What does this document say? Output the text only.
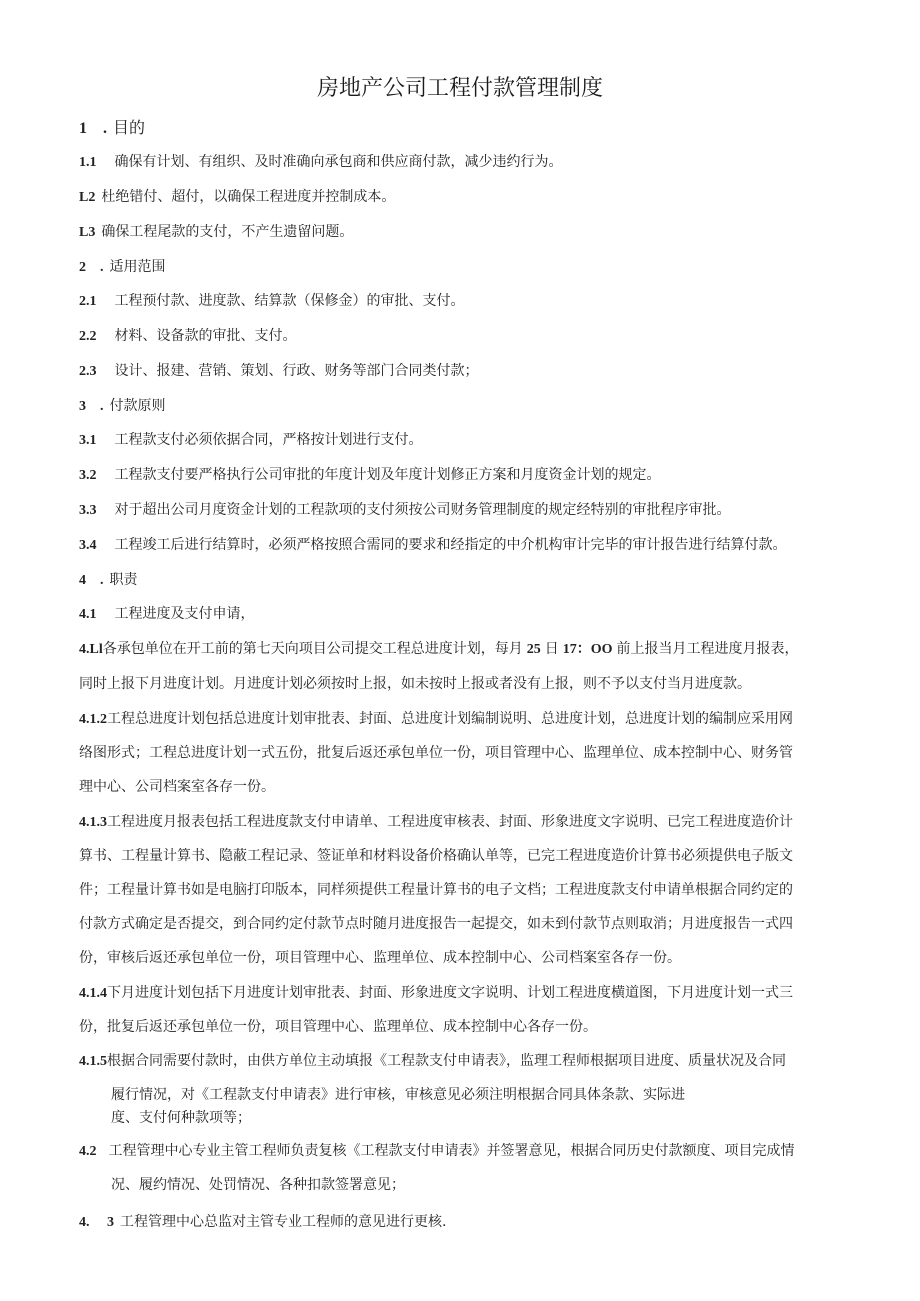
房地产公司工程付款管理制度
1 . 目的
1.1 确保有计划、有组织、及时准确向承包商和供应商付款，减少违约行为。
L2 杜绝错付、超付，以确保工程进度并控制成本。
L3 确保工程尾款的支付，不产生遗留问题。
2 . 适用范围
2.1 工程预付款、进度款、结算款（保修金）的审批、支付。
2.2 材料、设备款的审批、支付。
2.3 设计、报建、营销、策划、行政、财务等部门合同类付款；
3 . 付款原则
3.1 工程款支付必须依据合同，严格按计划进行支付。
3.2 工程款支付要严格执行公司审批的年度计划及年度计划修正方案和月度资金计划的规定。
3.3 对于超出公司月度资金计划的工程款项的支付须按公司财务管理制度的规定经特别的审批程序审批。
3.4 工程竣工后进行结算时，必须严格按照合需同的要求和经指定的中介机构审计完毕的审计报告进行结算付款。
4 . 职责
4.1 工程进度及支付申请，
4.Ll各承包单位在开工前的第七天向项目公司提交工程总进度计划，每月 25 日 17：OO 前上报当月工程进度月报表，
同时上报下月进度计划。月进度计划必须按时上报，如未按时上报或者没有上报，则不予以支付当月进度款。
4.1.2工程总进度计划包括总进度计划审批表、封面、总进度计划编制说明、总进度计划，总进度计划的编制应采用网
络图形式；工程总进度计划一式五份，批复后返还承包单位一份，项目管理中心、监理单位、成本控制中心、财务管
理中心、公司档案室各存一份。
4.1.3工程进度月报表包括工程进度款支付申请单、工程进度审核表、封面、形象进度文字说明、已完工程进度造价计
算书、工程量计算书、隐蔽工程记录、签证单和材料设备价格确认单等，已完工程进度造价计算书必须提供电子版文
件；工程量计算书如是电脑打印版本，同样须提供工程量计算书的电子文档；工程进度款支付申请单根据合同约定的
付款方式确定是否提交，到合同约定付款节点时随月进度报告一起提交，如未到付款节点则取消；月进度报告一式四
份，审核后返还承包单位一份，项目管理中心、监理单位、成本控制中心、公司档案室各存一份。
4.1.4下月进度计划包括下月进度计划审批表、封面、形象进度文字说明、计划工程进度横道图，下月进度计划一式三
份，批复后返还承包单位一份，项目管理中心、监理单位、成本控制中心各存一份。
4.1.5根据合同需要付款时，由供方单位主动填报《工程款支付申请表》，监理工程师根据项目进度、质量状况及合同
履行情况，对《工程款支付申请表》进行审核，审核意见必须注明根据合同具体条款、实际进
度、支付何种款项等；
4.2 工程管理中心专业主管工程师负责复核《工程款支付申请表》并签署意见，根据合同历史付款额度、项目完成情
况、履约情况、处罚情况、各种扣款签署意见；
4.  3 工程管理中心总监对主管专业工程师的意见进行更核.
